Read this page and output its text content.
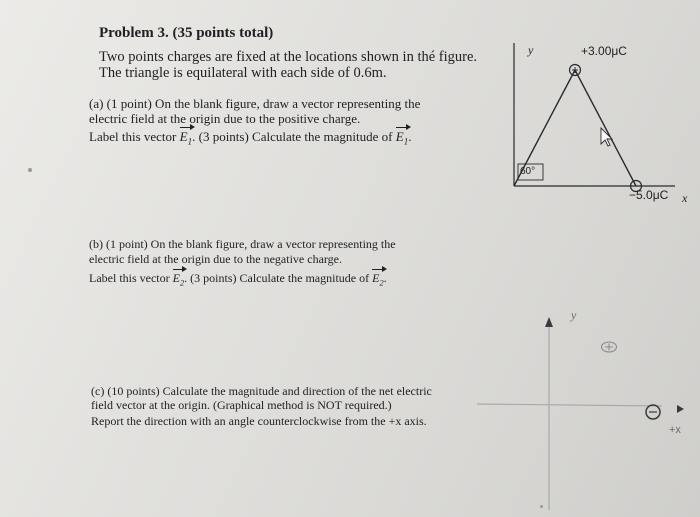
Problem 3. (35 points total)
Two points charges are fixed at the locations shown in thé figure.
The triangle is equilateral with each side of 0.6m.
(a) (1 point) On the blank figure, draw a vector representing the
electric field at the origin due to the positive charge.
Label this vector $E_1$. (3 points) Calculate the magnitude of $E_1$.
(b) (1 point) On the blank figure, draw a vector representing the
electric field at the origin due to the negative charge.
Label this vector $E_2$. (3 points) Calculate the magnitude of $E_2$.
(c) (10 points) Calculate the magnitude and direction of the net electric
field vector at the origin. (Graphical method is NOT required.)
Report the direction with an angle counterclockwise from the +x axis.
y	+3.00μC
60°
−5.0μC x
y
+x
